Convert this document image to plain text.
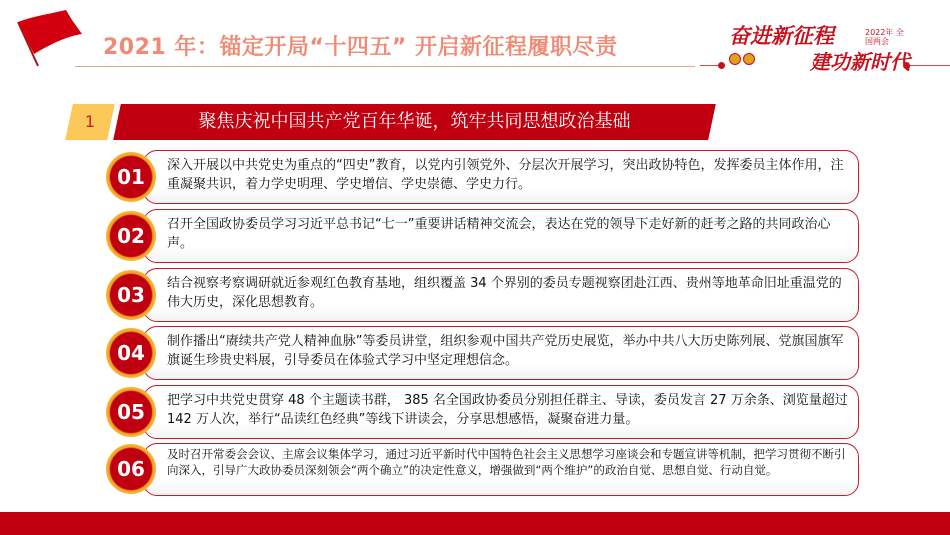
2021 年：锚定开局“十四五” 开启新征程履职尽责	奋进新征程	2022年 全国两会
建功新时代
1	聚焦庆祝中国共产党百年华诞，筑牢共同思想政治基础
深入开展以中共党史为重点的“四史”教育，以党内引领党外、分层次开展学习，突出政协特色，发挥委员主体作用，注重凝聚共识，着力学史明理、学史增信、学史崇德、学史力行。
01
召开全国政协委员学习习近平总书记“七一”重要讲话精神交流会，表达在党的领导下走好新的赶考之路的共同政治心声。
02
结合视察考察调研就近参观红色教育基地，组织覆盖 34 个界别的委员专题视察团赴江西、贵州等地革命旧址重温党的伟大历史，深化思想教育。
03
制作播出“赓续共产党人精神血脉”等委员讲堂，组织参观中国共产党历史展览，举办中共八大历史陈列展、党旗国旗军旗诞生珍贵史料展，引导委员在体验式学习中坚定理想信念。
04
把学习中共党史贯穿 48 个主题读书群， 385 名全国政协委员分别担任群主、导读，委员发言 27 万余条、浏览量超过 142 万人次，举行“品读红色经典”等线下讲读会，分享思想感悟，凝聚奋进力量。
05
及时召开常委会会议、主席会议集体学习，通过习近平新时代中国特色社会主义思想学习座谈会和专题宣讲等机制，把学习贯彻不断引向深入，引导广大政协委员深刻领会“两个确立”的决定性意义，增强做到“两个维护”的政治自觉、思想自觉、行动自觉。
06
